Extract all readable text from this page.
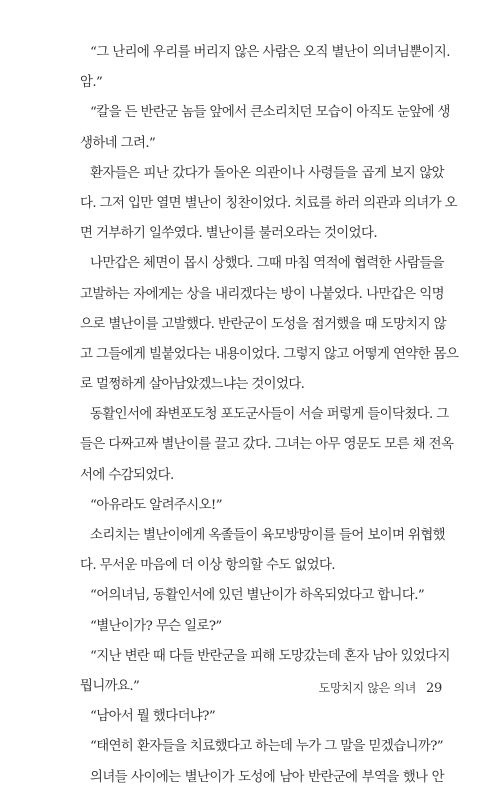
“그 난리에 우리를 버리지 않은 사람은 오직 별난이 의녀님뿐이지.
암.”
“칼을 든 반란군 놈들 앞에서 큰소리치던 모습이 아직도 눈앞에 생
생하네 그려.”
환자들은 피난 갔다가 돌아온 의관이나 사령들을 곱게 보지 않았
다. 그저 입만 열면 별난이 칭찬이었다. 치료를 하러 의관과 의녀가 오
면 거부하기 일쑤였다. 별난이를 불러오라는 것이었다.
나만갑은 체면이 몹시 상했다. 그때 마침 역적에 협력한 사람들을
고발하는 자에게는 상을 내리겠다는 방이 나붙었다. 나만갑은 익명
으로 별난이를 고발했다. 반란군이 도성을 점거했을 때 도망치지 않
고 그들에게 빌붙었다는 내용이었다. 그렇지 않고 어떻게 연약한 몸으
로 멀쩡하게 살아남았겠느냐는 것이었다.
동활인서에 좌변포도청 포도군사들이 서슬 퍼렇게 들이닥쳤다. 그
들은 다짜고짜 별난이를 끌고 갔다. 그녀는 아무 영문도 모른 채 전옥
서에 수감되었다.
“아유라도 알려주시오!”
소리치는 별난이에게 옥졸들이 육모방망이를 들어 보이며 위협했
다. 무서운 마음에 더 이상 항의할 수도 없었다.
“어의녀님, 동활인서에 있던 별난이가 하옥되었다고 합니다.”
“별난이가? 무슨 일로?”
“지난 변란 때 다들 반란군을 피해 도망갔는데 혼자 남아 있었다지
뭡니까요.”
“남아서 뭘 했다더냐?”
“태연히 환자들을 치료했다고 하는데 누가 그 말을 믿겠습니까?”
의녀들 사이에는 별난이가 도성에 남아 반란군에 부역을 했나 안
도망치지 않은 의녀 29
